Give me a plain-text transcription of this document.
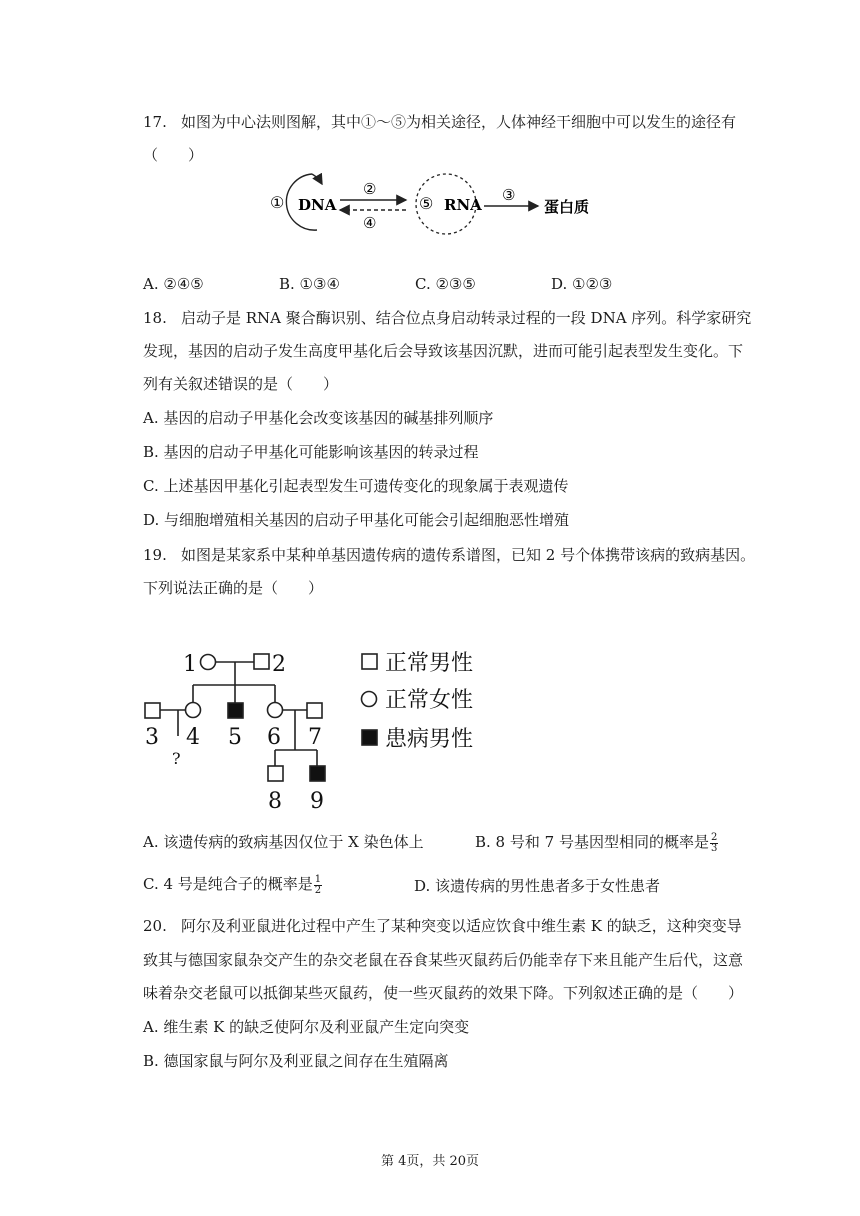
17. 如图为中心法则图解，其中①～⑤为相关途径，人体神经干细胞中可以发生的途径有
（　　）
① DNA
②
④
⑤ RNA
③
蛋白质
A. ②④⑤	B. ①③④	C. ②③⑤	D. ①②③
18. 启动子是 RNA 聚合酶识别、结合位点身启动转录过程的一段 DNA 序列。科学家研究
发现，基因的启动子发生高度甲基化后会导致该基因沉默，进而可能引起表型发生变化。下
列有关叙述错误的是（　　）
A. 基因的启动子甲基化会改变该基因的碱基排列顺序
B. 基因的启动子甲基化可能影响该基因的转录过程
C. 上述基因甲基化引起表型发生可遗传变化的现象属于表观遗传
D. 与细胞增殖相关基因的启动子甲基化可能会引起细胞恶性增殖
19. 如图是某家系中某种单基因遗传病的遗传系谱图，已知 2 号个体携带该病的致病基因。
下列说法正确的是（　　）
1	2
3 4 5 6 7
8 9
?
正常男性
正常女性
患病男性
A. 该遗传病的致病基因仅位于 X 染色体上	B. 8 号和 7 号基因型相同的概率是 $\frac{2}{3}$
C. 4 号是纯合子的概率是 $\frac{1}{2}$	D. 该遗传病的男性患者多于女性患者
20. 阿尔及利亚鼠进化过程中产生了某种突变以适应饮食中维生素 K 的缺乏，这种突变导
致其与德国家鼠杂交产生的杂交老鼠在吞食某些灭鼠药后仍能幸存下来且能产生后代，这意
味着杂交老鼠可以抵御某些灭鼠药，使一些灭鼠药的效果下降。下列叙述正确的是（　　）
A. 维生素 K 的缺乏使阿尔及利亚鼠产生定向突变
B. 德国家鼠与阿尔及利亚鼠之间存在生殖隔离
第 4页，共 20页
